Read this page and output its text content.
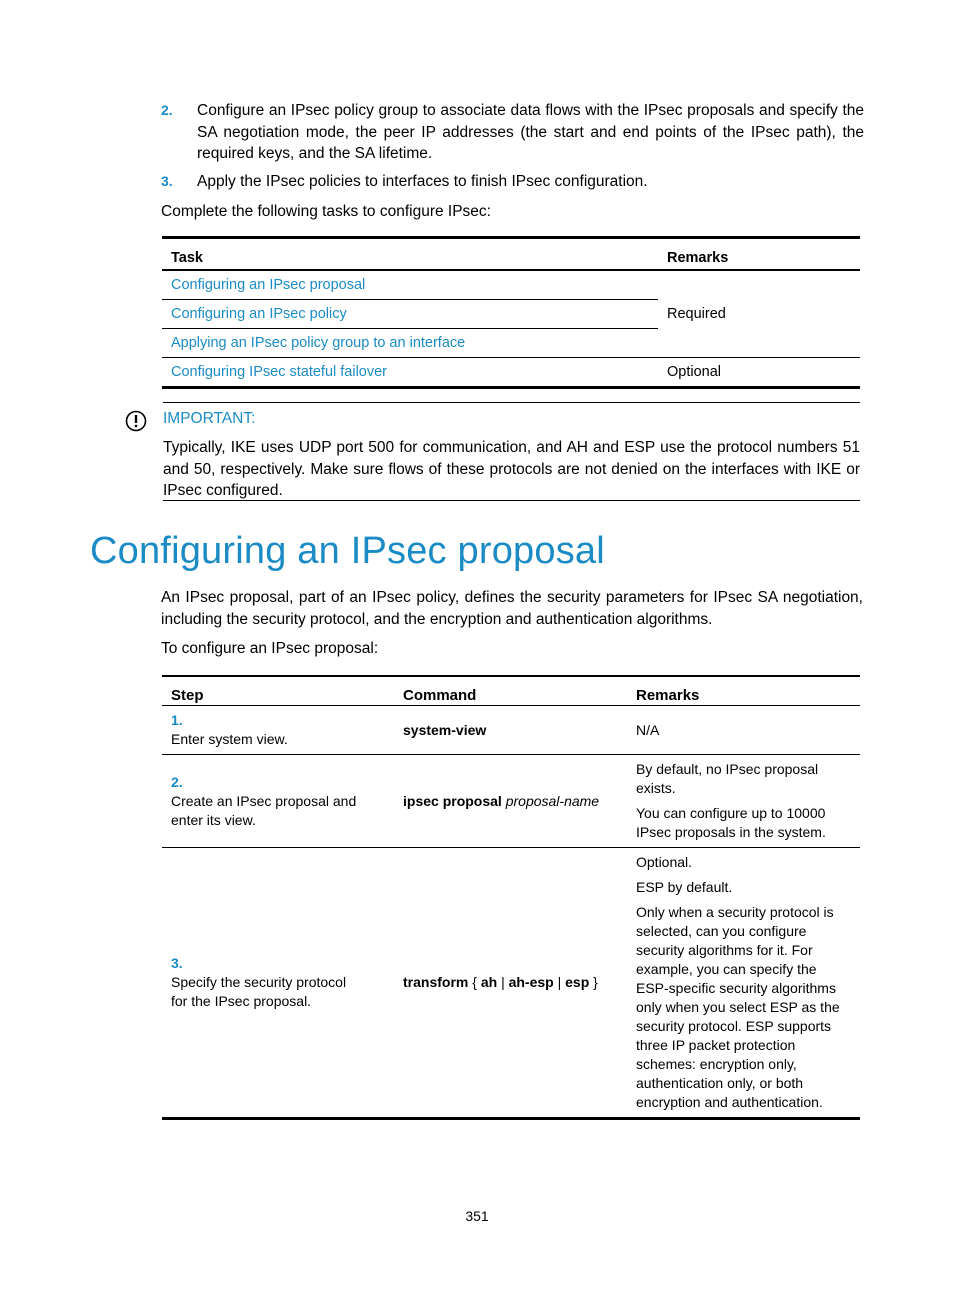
2.	Configure an IPsec policy group to associate data flows with the IPsec proposals and specify the SA negotiation mode, the peer IP addresses (the start and end points of the IPsec path), the required keys, and the SA lifetime.
3.	Apply the IPsec policies to interfaces to finish IPsec configuration.
Complete the following tasks to configure IPsec:
Task	Remarks
Configuring an IPsec proposal	Required
Configuring an IPsec policy	
Applying an IPsec policy group to an interface	
Configuring IPsec stateful failover	Optional
IMPORTANT:
Typically, IKE uses UDP port 500 for communication, and AH and ESP use the protocol numbers 51 and 50, respectively. Make sure flows of these protocols are not denied on the interfaces with IKE or IPsec configured.
Configuring an IPsec proposal
An IPsec proposal, part of an IPsec policy, defines the security parameters for IPsec SA negotiation, including the security protocol, and the encryption and authentication algorithms.
To configure an IPsec proposal:
Step	Command	Remarks
1.Enter system view.	system-view	N/A

2.Create an IPsec proposal and enter its view.	ipsec proposal proposal-name	By default, no IPsec proposal exists.

You can configure up to 10000 IPsec proposals in the system.

3.Specify the security protocol for the IPsec proposal.	transform { ah | ah-esp | esp }	Optional.

ESP by default.

Only when a security protocol is selected, can you configure security algorithms for it. For example, you can specify the ESP-specific security algorithms only when you select ESP as the security protocol. ESP supports three IP packet protection schemes: encryption only, authentication only, or both encryption and authentication.

351
